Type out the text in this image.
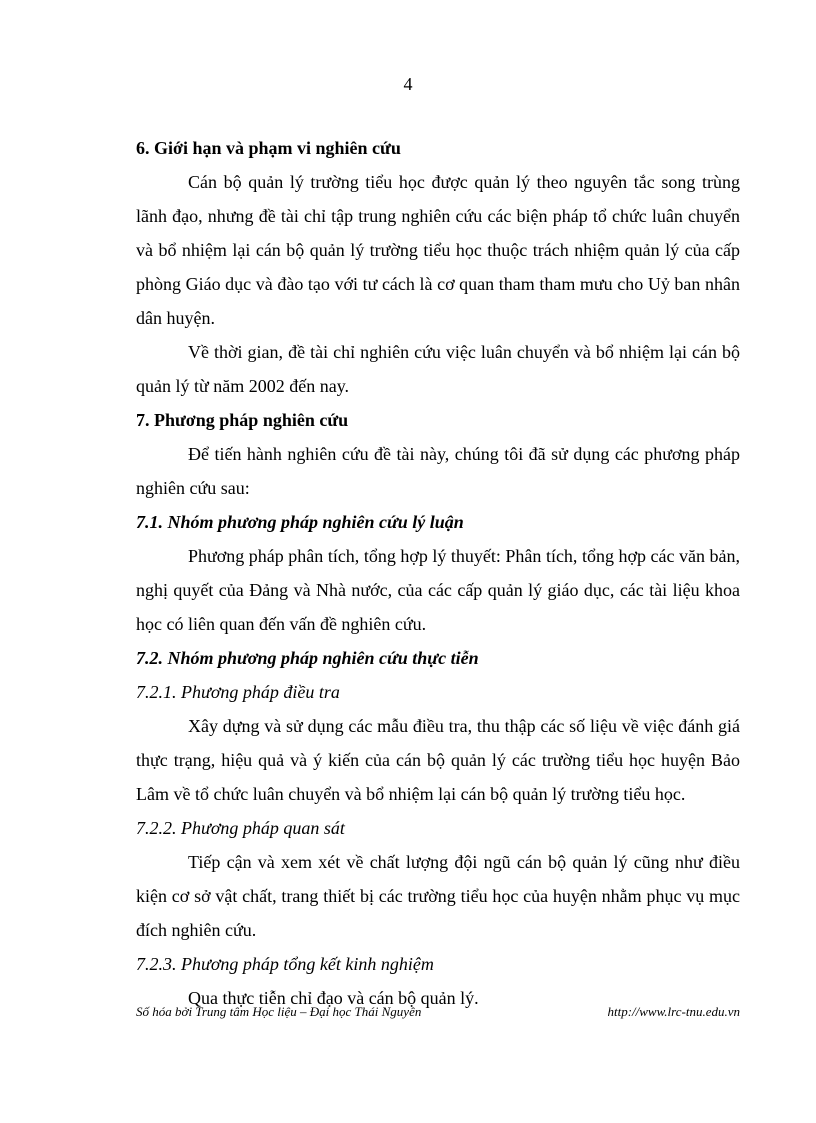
4

6. Giới hạn và phạm vi nghiên cứu

Cán bộ quản lý trường tiểu học được quản lý theo nguyên tắc song trùng lãnh đạo, nhưng đề tài chỉ tập trung nghiên cứu các biện pháp tổ chức luân chuyển và bổ nhiệm lại cán bộ quản lý trường tiểu học thuộc trách nhiệm quản lý của cấp phòng Giáo dục và đào tạo với tư cách là cơ quan tham tham mưu cho Uỷ ban nhân dân huyện.

Về thời gian, đề tài chỉ nghiên cứu việc luân chuyển và bổ nhiệm lại cán bộ quản lý từ năm 2002 đến nay.

7. Phương pháp nghiên cứu

Để tiến hành nghiên cứu đề tài này, chúng tôi đã sử dụng các phương pháp nghiên cứu sau:

7.1. Nhóm phương pháp nghiên cứu lý luận

Phương pháp phân tích, tổng hợp lý thuyết: Phân tích, tổng hợp các văn bản, nghị quyết của Đảng và Nhà nước, của các cấp quản lý giáo dục, các tài liệu khoa học có liên quan đến vấn đề nghiên cứu.

7.2. Nhóm phương pháp nghiên cứu thực tiễn

7.2.1. Phương pháp điều tra

Xây dựng và sử dụng các mẫu điều tra, thu thập các số liệu về việc đánh giá thực trạng, hiệu quả và ý kiến của cán bộ quản lý các trường tiểu học huyện Bảo Lâm về tổ chức luân chuyển và bổ nhiệm lại cán bộ quản lý trường tiểu học.

7.2.2. Phương pháp quan sát

Tiếp cận và xem xét về chất lượng đội ngũ cán bộ quản lý cũng như điều kiện cơ sở vật chất, trang thiết bị các trường tiểu học của huyện nhằm phục vụ mục đích nghiên cứu.

7.2.3. Phương pháp tổng kết kinh nghiệm

Qua thực tiễn chỉ đạo và cán bộ quản lý.

Số hóa bởi Trung tâm Học liệu – Đại học Thái Nguyên	http://www.lrc-tnu.edu.vn
